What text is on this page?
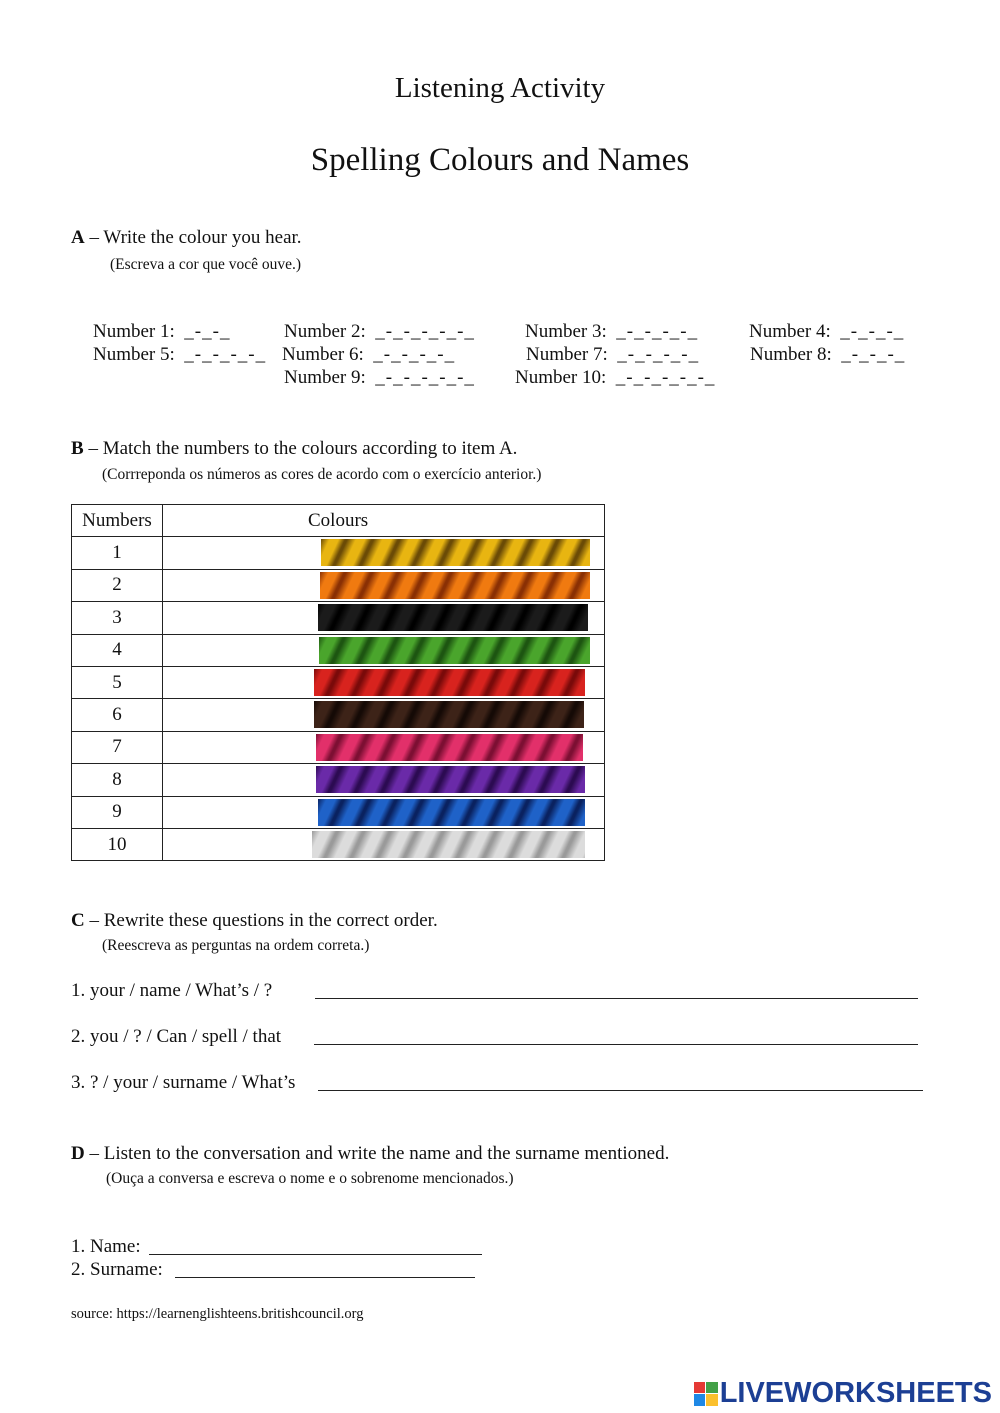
Listening Activity
Spelling Colours and Names
A – Write the colour you hear.
(Escreva a cor que você ouve.)
Number 1: _-_-_	Number 2: _-_-_-_-_-_	Number 3: _-_-_-_-_	Number 4: _-_-_-_
Number 5: _-_-_-_-_ Number 6: _-_-_-_-_	Number 7: _-_-_-_-_	Number 8: _-_-_-_
Number 9: _-_-_-_-_-_ Number 10: _-_-_-_-_-_
B – Match the numbers to the colours according to item A.
(Corrreponda os números as cores de acordo com o exercício anterior.)
Numbers	Colours
1	

2	

3	

4	

5	

6	

7	

8	

9	

10	
C – Rewrite these questions in the correct order.
(Reescreva as perguntas na ordem correta.)
1. your / name / What’s / ?
2. you / ? / Can / spell / that
3. ? / your / surname / What’s
D – Listen to the conversation and write the name and the surname mentioned.
(Ouça a conversa e escreva o nome e o sobrenome mencionados.)
1. Name:
2. Surname:
source: https://learnenglishteens.britishcouncil.org
LIVEWORKSHEETS
